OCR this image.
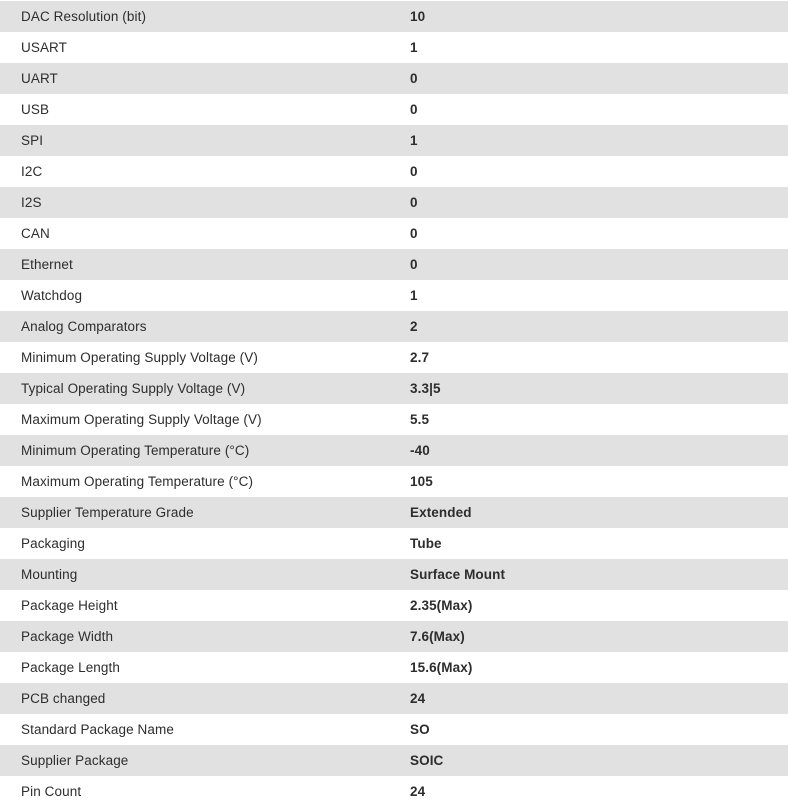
DAC Resolution (bit)	10
USART	1
UART	0
USB	0
SPI	1
I2C	0
I2S	0
CAN	0
Ethernet	0
Watchdog	1
Analog Comparators	2
Minimum Operating Supply Voltage (V)	2.7
Typical Operating Supply Voltage (V)	3.3|5
Maximum Operating Supply Voltage (V)	5.5
Minimum Operating Temperature (°C)	-40
Maximum Operating Temperature (°C)	105
Supplier Temperature Grade	Extended
Packaging	Tube
Mounting	Surface Mount
Package Height	2.35(Max)
Package Width	7.6(Max)
Package Length	15.6(Max)
PCB changed	24
Standard Package Name	SO
Supplier Package	SOIC
Pin Count	24
